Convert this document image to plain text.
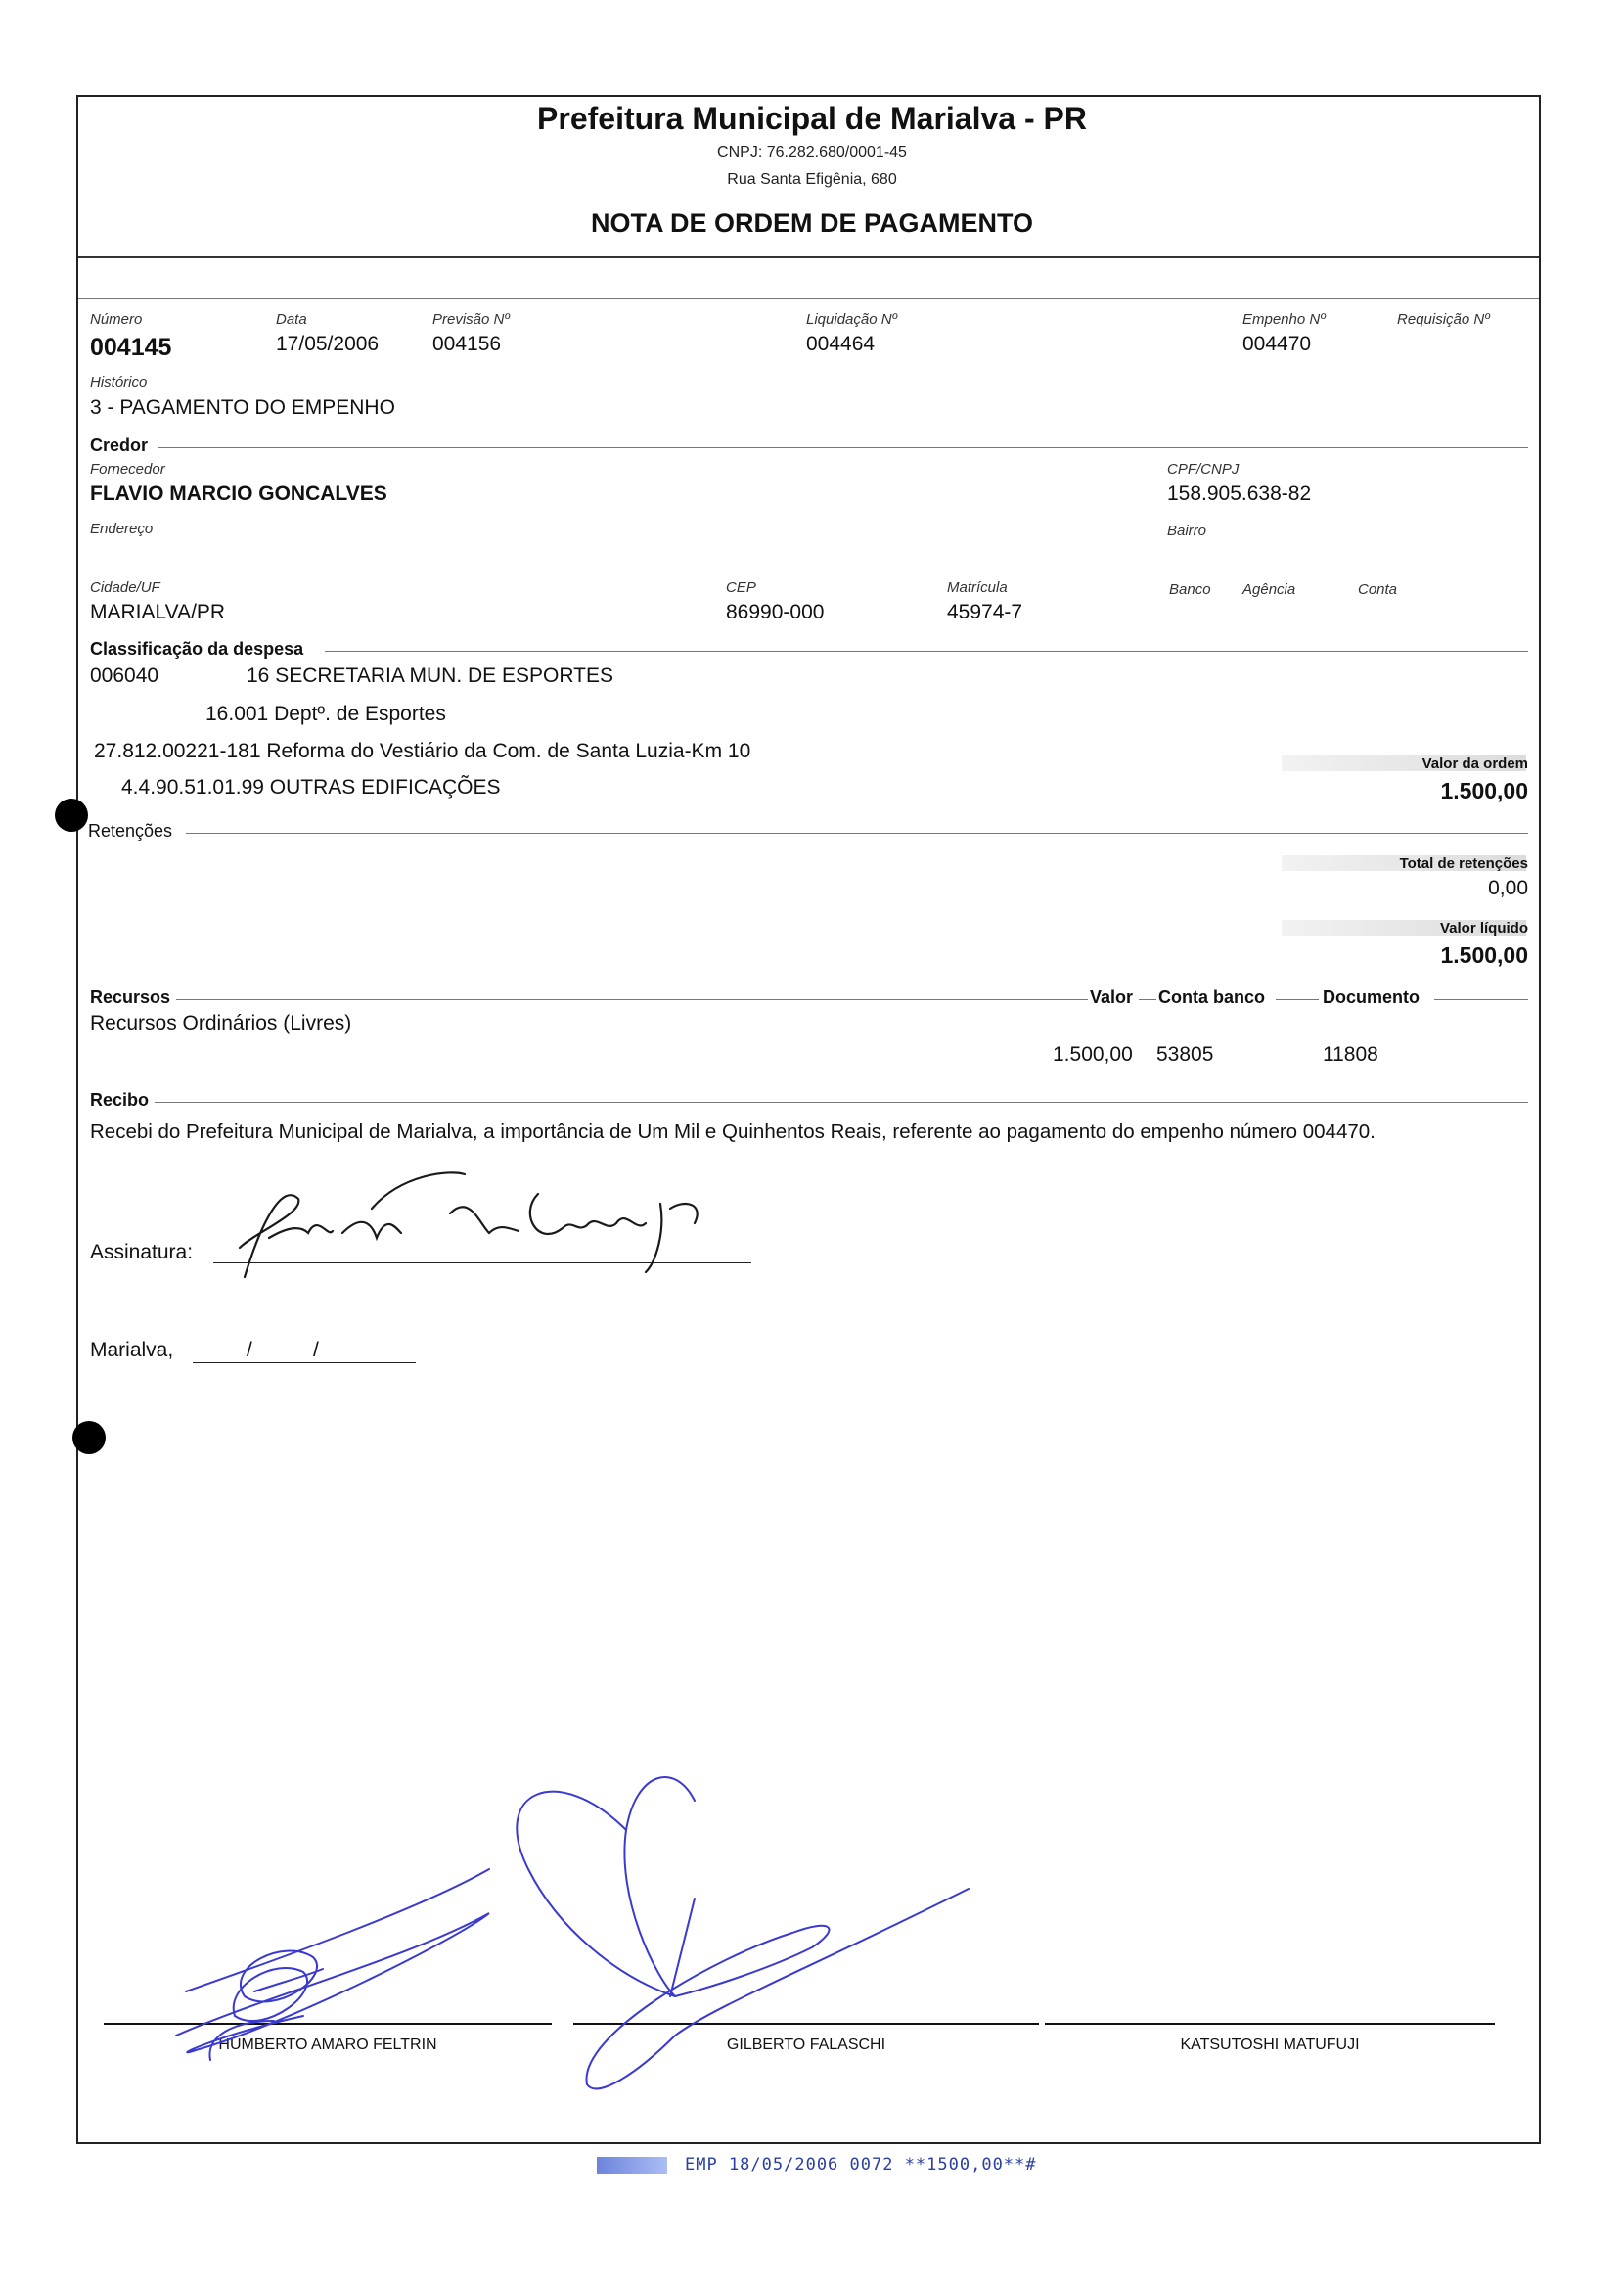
Prefeitura Municipal de Marialva - PR
CNPJ: 76.282.680/0001-45
Rua Santa Efigênia, 680
NOTA DE ORDEM DE PAGAMENTO
Número
004145
Data
17/05/2006
Previsão Nº
004156
Liquidação Nº
004464
Empenho Nº
004470
Requisição Nº
Histórico
3 - PAGAMENTO DO EMPENHO
Credor
Fornecedor
FLAVIO MARCIO GONCALVES
CPF/CNPJ
158.905.638-82
Endereço	Bairro
Cidade/UF
MARIALVA/PR
CEP
86990-000
Matrícula
45974-7
Banco Agência	Conta
Classificação da despesa
006040	16 SECRETARIA MUN. DE ESPORTES
16.001 Deptº. de Esportes
27.812.00221-181 Reforma do Vestiário da Com. de Santa Luzia-Km 10
4.4.90.51.01.99 OUTRAS EDIFICAÇÕES
Valor da ordem
1.500,00
Retenções
Total de retenções
0,00
Valor líquido
1.500,00
Recursos	Valor Conta banco	Documento
Recursos Ordinários (Livres)
1.500,00 53805	11808
Recibo
Recebi do Prefeitura Municipal de Marialva, a importância de Um Mil e Quinhentos Reais, referente ao pagamento do empenho número 004470.
Assinatura:
Marialva,	/	/
HUMBERTO AMARO FELTRIN	GILBERTO FALASCHI	KATSUTOSHI MATUFUJI
EMP 18/05/2006 0072 **1500,00**#
